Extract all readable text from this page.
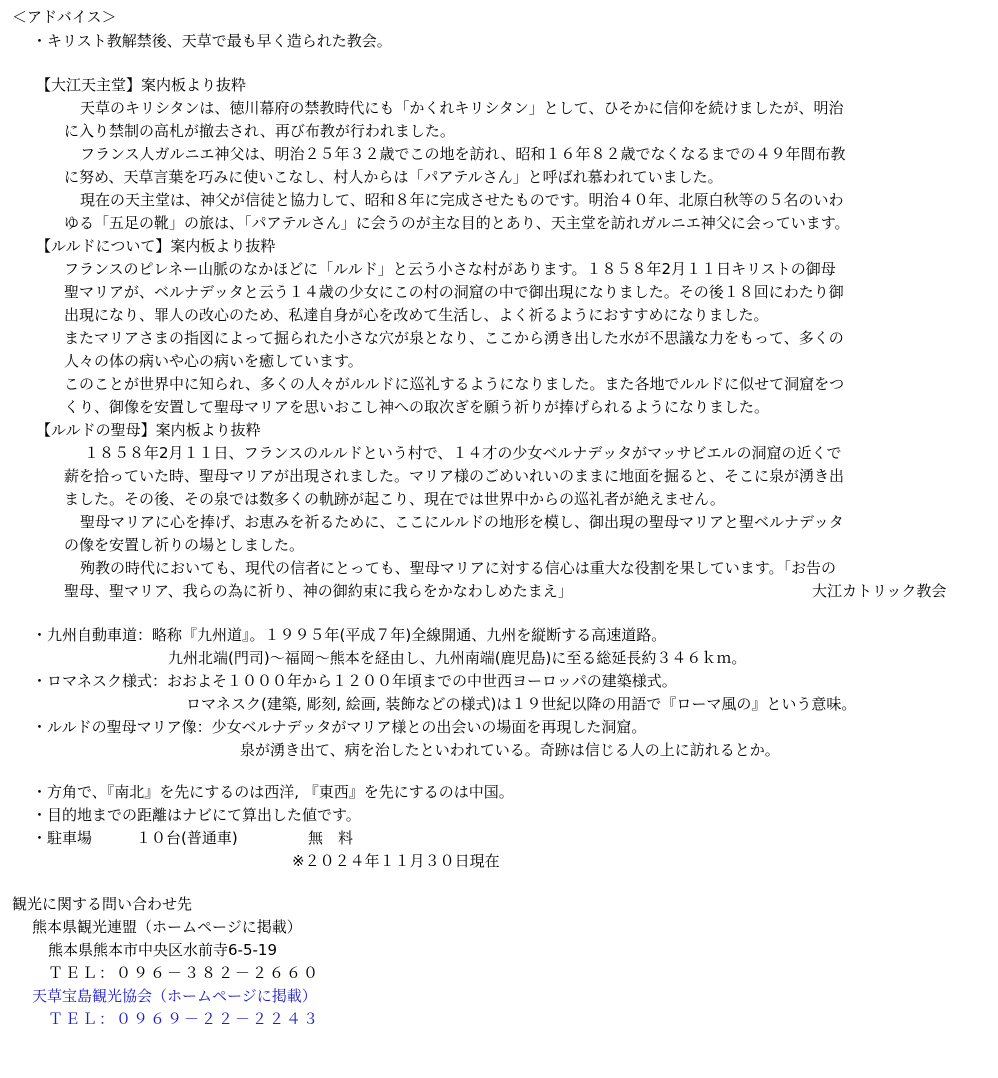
＜アドバイス＞
・キリスト教解禁後、天草で最も早く造られた教会。
【大江天主堂】案内板より抜粋
天草のキリシタンは、徳川幕府の禁教時代にも「かくれキリシタン」として、ひそかに信仰を続けましたが、明治
に入り禁制の高札が撤去され、再び布教が行われました。
フランス人ガルニエ神父は、明治２５年３２歳でこの地を訪れ、昭和１６年８２歳でなくなるまでの４９年間布教
に努め、天草言葉を巧みに使いこなし、村人からは「パアテルさん」と呼ばれ慕われていました。
現在の天主堂は、神父が信徒と協力して、昭和８年に完成させたものです。明治４０年、北原白秋等の５名のいわ
ゆる「五足の靴」の旅は、「パアテルさん」に会うのが主な目的とあり、天主堂を訪れガルニエ神父に会っています。
【ルルドについて】案内板より抜粋
フランスのピレネー山脈のなかほどに「ルルド」と云う小さな村があります。１８５８年2月１１日キリストの御母
聖マリアが、ベルナデッタと云う１４歳の少女にこの村の洞窟の中で御出現になりました。その後１８回にわたり御
出現になり、罪人の改心のため、私達自身が心を改めて生活し、よく祈るようにおすすめになりました。
またマリアさまの指図によって掘られた小さな穴が泉となり、ここから湧き出した水が不思議な力をもって、多くの
人々の体の病いや心の病いを癒しています。
このことが世界中に知られ、多くの人々がルルドに巡礼するようになりました。また各地でルルドに似せて洞窟をつ
くり、御像を安置して聖母マリアを思いおこし神への取次ぎを願う祈りが捧げられるようになりました。
【ルルドの聖母】案内板より抜粋
１８５８年2月１１日、フランスのルルドという村で、１４才の少女ベルナデッタがマッサビエルの洞窟の近くで
薪を拾っていた時、聖母マリアが出現されました。マリア様のごめいれいのままに地面を掘ると、そこに泉が湧き出
ました。その後、その泉では数多くの軌跡が起こり、現在では世界中からの巡礼者が絶えません。
聖母マリアに心を捧げ、お恵みを祈るために、ここにルルドの地形を模し、御出現の聖母マリアと聖ベルナデッタ
の像を安置し祈りの場としました。
殉教の時代においても、現代の信者にとっても、聖母マリアに対する信心は重大な役割を果しています。「お告の
聖母、聖マリア、我らの為に祈り、神の御約束に我らをかなわしめたまえ」	大江カトリック教会
・九州自動車道：略称『九州道』。１９９５年(平成７年)全線開通、九州を縦断する高速道路。
九州北端(門司)～福岡～熊本を経由し、九州南端(鹿児島)に至る総延長約３４６ｋｍ。
・ロマネスク様式：おおよそ１０００年から１２００年頃までの中世西ヨーロッパの建築様式。
ロマネスク(建築, 彫刻, 絵画, 装飾などの様式)は１９世紀以降の用語で『ローマ風の』という意味。
・ルルドの聖母マリア像：少女ベルナデッタがマリア様との出会いの場面を再現した洞窟。
泉が湧き出て、病を治したといわれている。奇跡は信じる人の上に訪れるとか。
・方角で、『南北』を先にするのは西洋, 『東西』を先にするのは中国。
・目的地までの距離はナビにて算出した値です。
・駐車場	１０台(普通車)	無　料
※２０２４年１１月３０日現在
観光に関する問い合わせ先
熊本県観光連盟（ホームページに掲載）
熊本県熊本市中央区水前寺6-5-19
ＴＥＬ：０９６－３８２－２６６０
天草宝島観光協会（ホームページに掲載）
ＴＥＬ：０９６９－２２－２２４３
